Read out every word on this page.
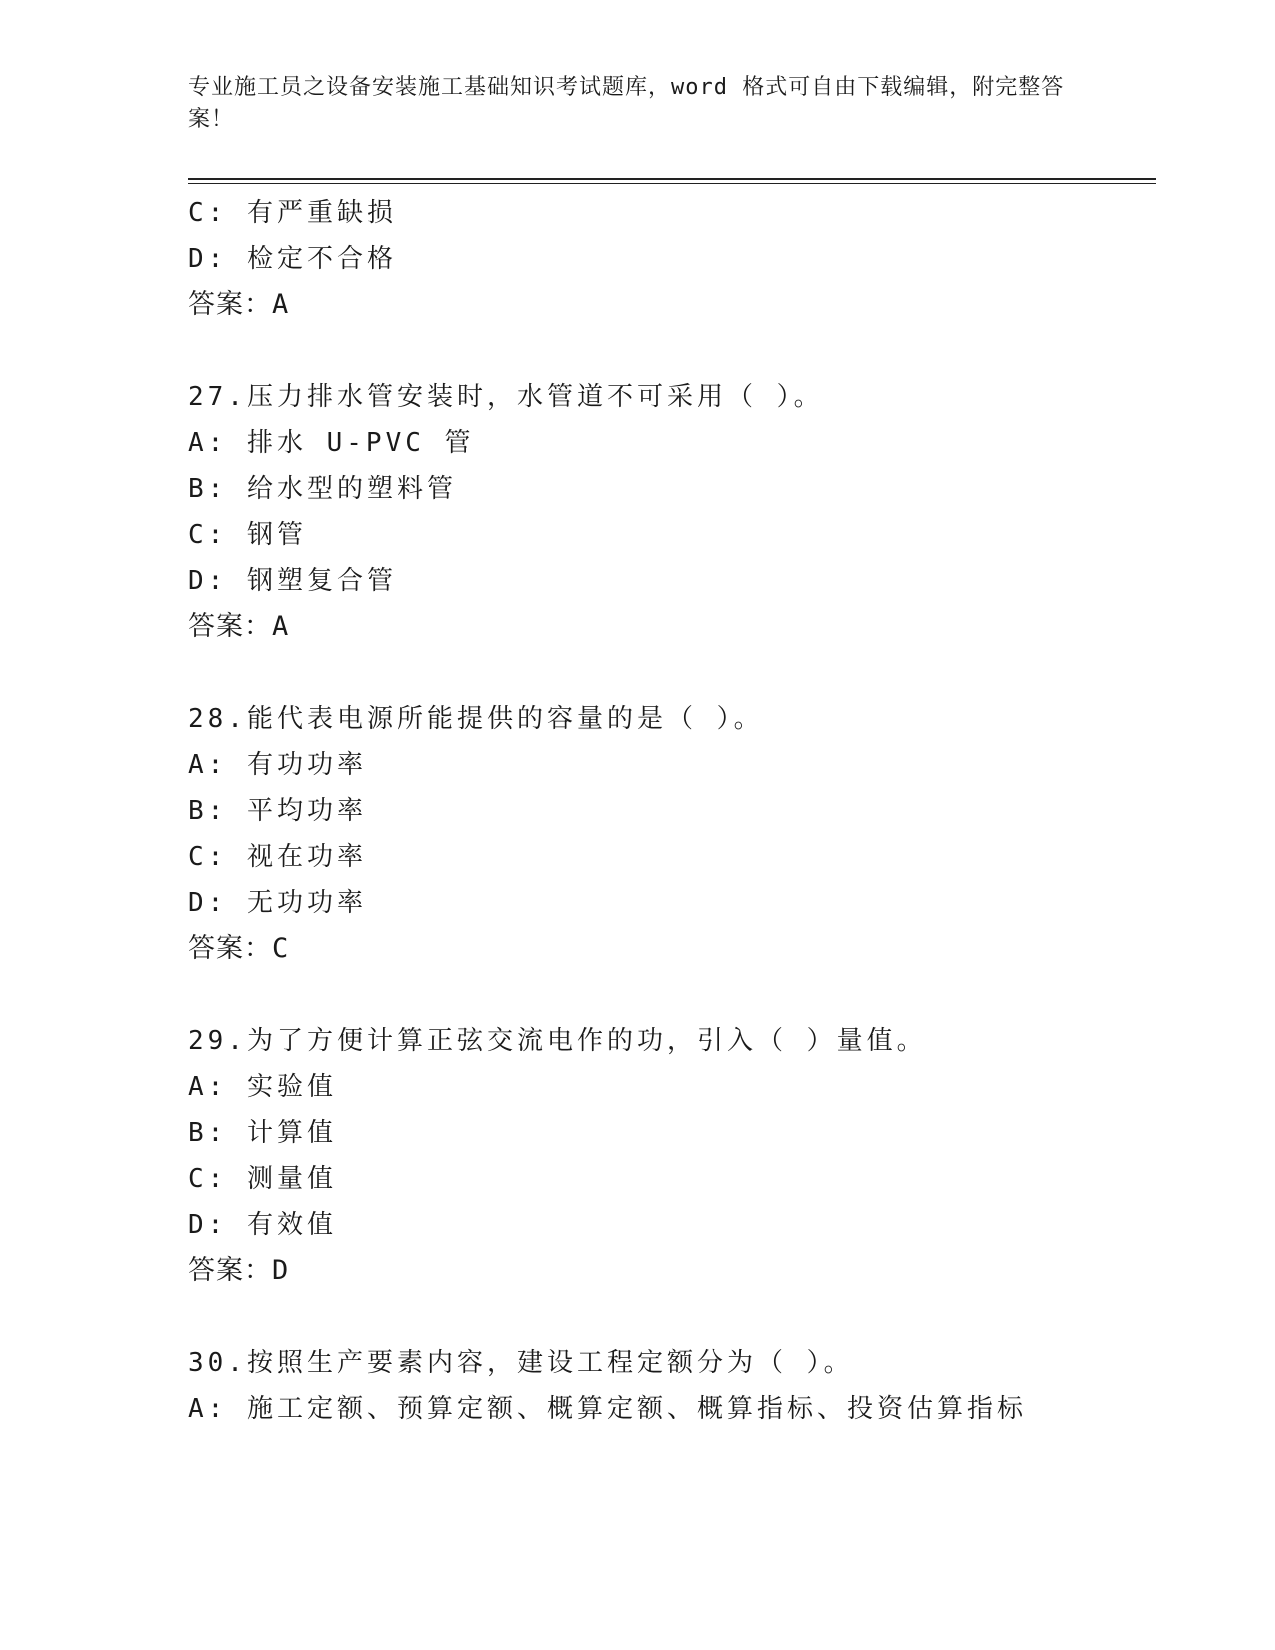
专业施工员之设备安装施工基础知识考试题库，word 格式可自由下载编辑，附完整答案！
C: 有严重缺损
D: 检定不合格
答案：A
27.压力排水管安装时，水管道不可采用（ ）。
A: 排水 U-PVC 管
B: 给水型的塑料管
C: 钢管
D: 钢塑复合管
答案：A
28.能代表电源所能提供的容量的是（ ）。
A: 有功功率
B: 平均功率
C: 视在功率
D: 无功功率
答案：C
29.为了方便计算正弦交流电作的功，引入（ ）量值。
A: 实验值
B: 计算值
C: 测量值
D: 有效值
答案：D
30.按照生产要素内容，建设工程定额分为（ ）。
A: 施工定额、预算定额、概算定额、概算指标、投资估算指标
